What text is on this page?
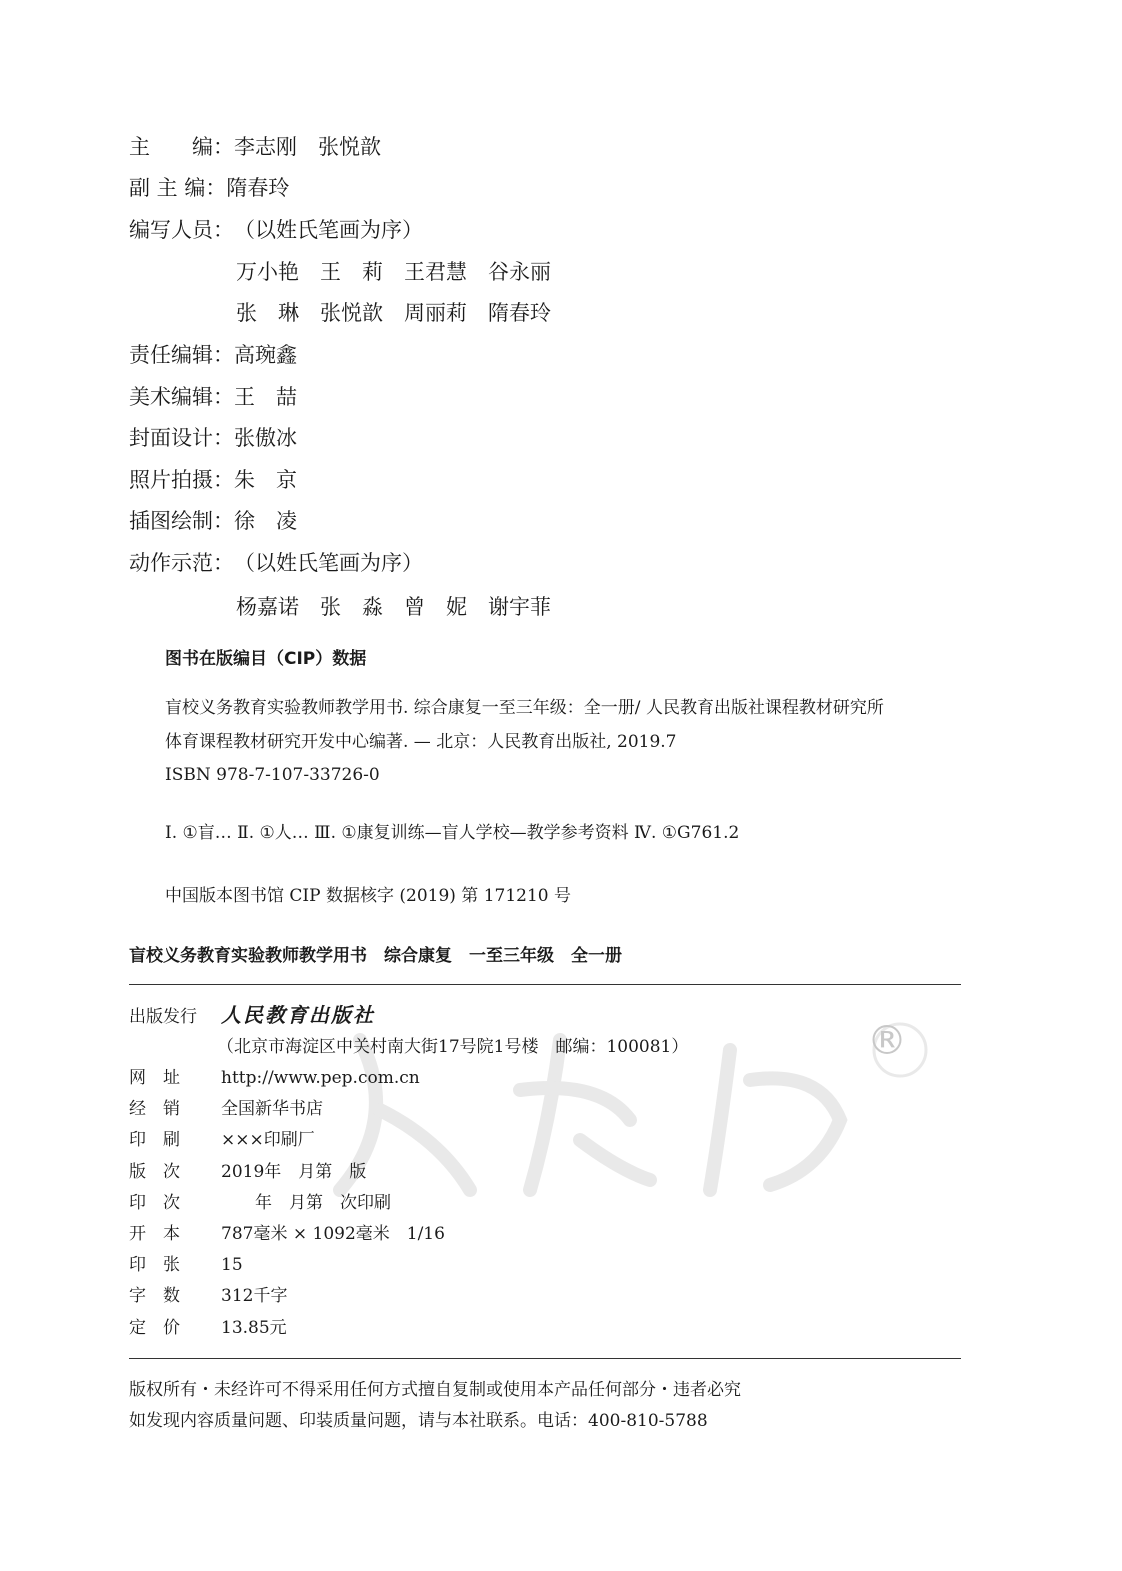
主　　编：李志刚　张悦歆
副 主 编：隋春玲
编写人员：（以姓氏笔画为序）
万小艳　王　莉　王君慧　谷永丽
张　琳　张悦歆　周丽莉　隋春玲
责任编辑：高琬鑫
美术编辑：王　喆
封面设计：张傲冰
照片拍摄：朱　京
插图绘制：徐　凌
动作示范：（以姓氏笔画为序）
杨嘉诺　张　淼　曾　妮　谢宇菲
图书在版编目（CIP）数据
盲校义务教育实验教师教学用书. 综合康复一至三年级：全一册/ 人民教育出版社课程教材研究所
体育课程教材研究开发中心编著. — 北京：人民教育出版社, 2019.7
ISBN 978-7-107-33726-0
Ⅰ. ①盲… Ⅱ. ①人… Ⅲ. ①康复训练—盲人学校—教学参考资料 Ⅳ. ①G761.2
中国版本图书馆 CIP 数据核字 (2019) 第 171210 号
盲校义务教育实验教师教学用书　综合康复　一至三年级　全一册
®
出版发行 人民教育出版社
（北京市海淀区中关村南大街17号院1号楼　邮编：100081）
网　址 http://www.pep.com.cn
经　销 全国新华书店
印　刷 ×××印刷厂
版　次 2019年　月第　版
印　次　　年　月第　次印刷
开　本 787毫米 × 1092毫米　1/16
印　张 15
字　数 312千字
定　价 13.85元
版权所有・未经许可不得采用任何方式擅自复制或使用本产品任何部分・违者必究
如发现内容质量问题、印装质量问题，请与本社联系。电话：400-810-5788
